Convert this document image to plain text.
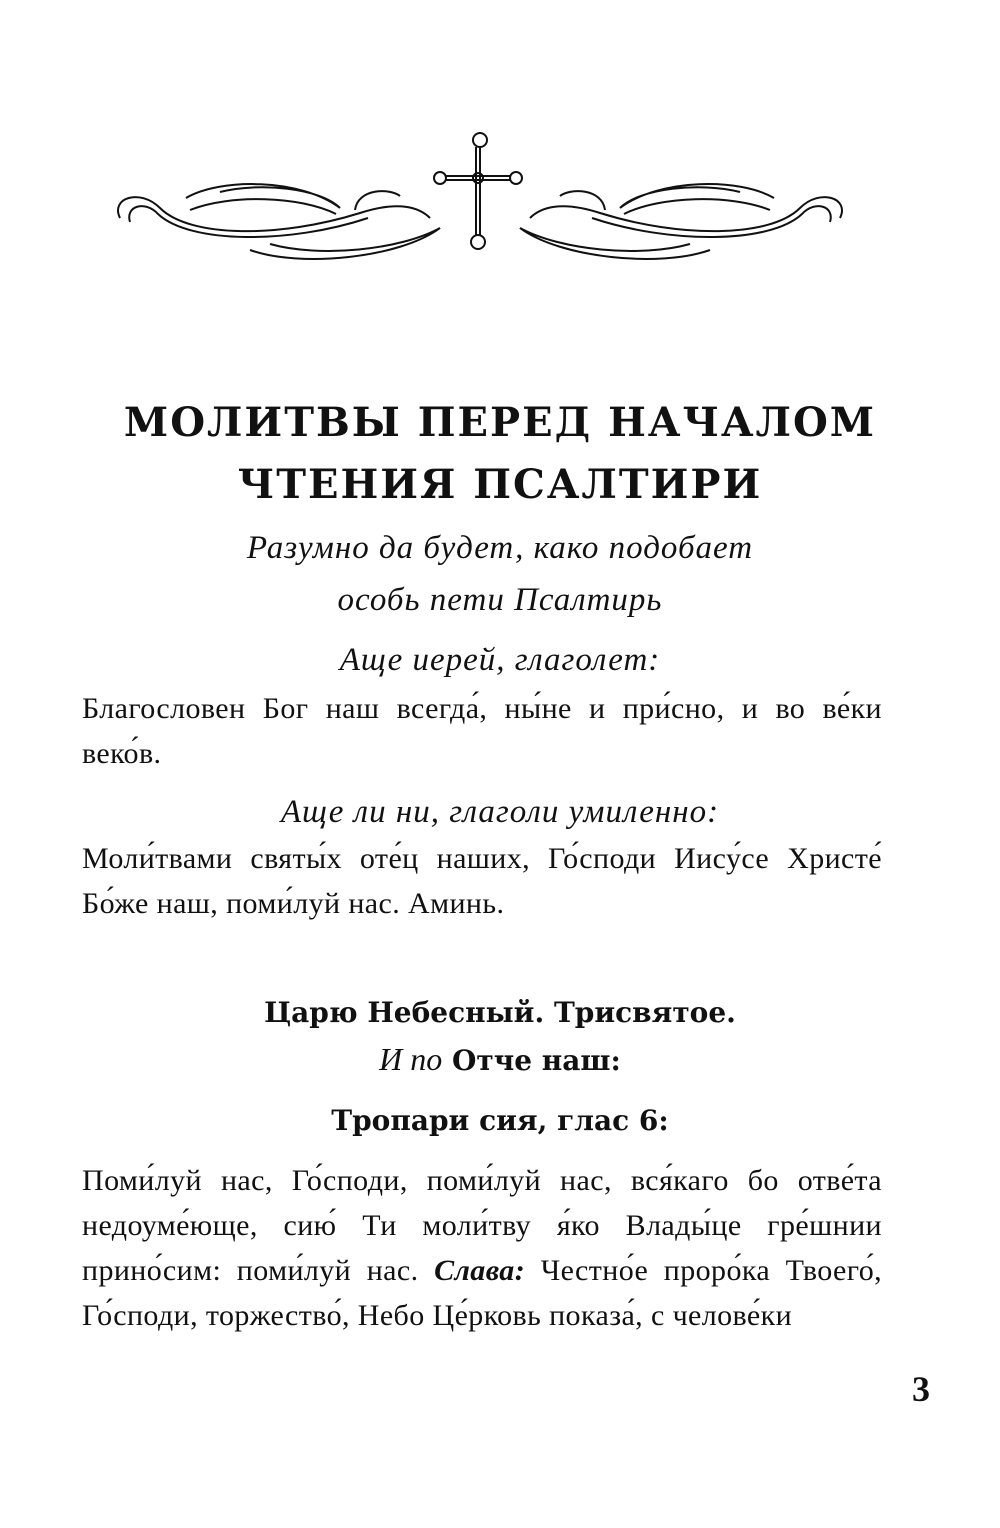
МОЛИТВЫ ПЕРЕД НАЧАЛОМ
ЧТЕНИЯ ПСАЛТИРИ
Разумно да будет, како подобает
особь пети Псалтирь
Аще иерей, глаголет:
Благословен Бог наш всегда́, ны́не и при́сно, и во ве́ки веко́в.
Аще ли ни, глаголи умиленно:
Моли́твами святы́х оте́ц наших, Го́споди Иису́се Христе́ Бо́же наш, поми́луй нас. Аминь.
Царю Небесный. Трисвятое.
И по Отче наш:
Тропари сия, глас 6:
Поми́луй нас, Го́споди, поми́луй нас, вся́каго бо отве́та недоуме́юще, сию́ Ти моли́тву я́ко Влады́це гре́шнии прино́сим: поми́луй нас. Слава: Честно́е проро́ка Твоего́, Го́споди, торжество́, Небо Це́рковь показа́, с челове́ки
3
